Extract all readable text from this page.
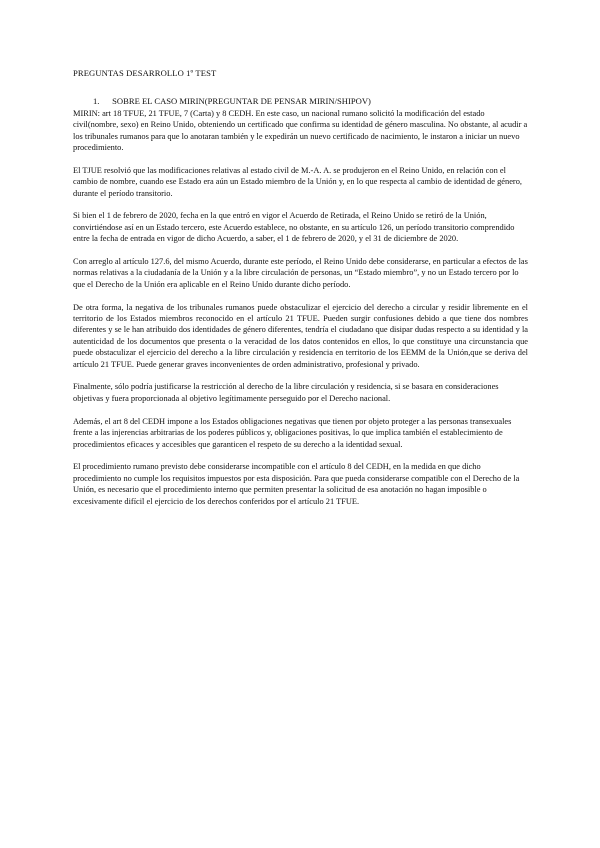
PREGUNTAS DESARROLLO 1º TEST
1. SOBRE EL CASO MIRIN(PREGUNTAR DE PENSAR MIRIN/SHIPOV)

MIRIN: art 18 TFUE, 21 TFUE, 7 (Carta) y 8 CEDH. En este caso, un nacional rumano solicitó la modificación del estado civil(nombre, sexo) en Reino Unido, obteniendo un certificado que confirma su identidad de género masculina. No obstante, al acudir a los tribunales rumanos para que lo anotaran también y le expedirán un nuevo certificado de nacimiento, le instaron a iniciar un nuevo procedimiento.

El TJUE resolvió que las modificaciones relativas al estado civil de M.-A. A. se produjeron en el Reino Unido, en relación con el cambio de nombre, cuando ese Estado era aún un Estado miembro de la Unión y, en lo que respecta al cambio de identidad de género, durante el período transitorio.

Si bien el 1 de febrero de 2020, fecha en la que entró en vigor el Acuerdo de Retirada, el Reino Unido se retiró de la Unión, convirtiéndose así en un Estado tercero, este Acuerdo establece, no obstante, en su artículo 126, un período transitorio comprendido entre la fecha de entrada en vigor de dicho Acuerdo, a saber, el 1 de febrero de 2020, y el 31 de diciembre de 2020.

Con arreglo al artículo 127.6, del mismo Acuerdo, durante este período, el Reino Unido debe considerarse, en particular a efectos de las normas relativas a la ciudadanía de la Unión y a la libre circulación de personas, un “Estado miembro”, y no un Estado tercero por lo que el Derecho de la Unión era aplicable en el Reino Unido durante dicho período.

De otra forma, la negativa de los tribunales rumanos puede obstaculizar el ejercicio del derecho a circular y residir libremente en el territorio de los Estados miembros reconocido en el artículo 21 TFUE. Pueden surgir confusiones debido a que tiene dos nombres diferentes y se le han atribuido dos identidades de género diferentes, tendría el ciudadano que disipar dudas respecto a su identidad y la autenticidad de los documentos que presenta o la veracidad de los datos contenidos en ellos, lo que constituye una circunstancia que puede obstaculizar el ejercicio del derecho a la libre circulación y residencia en territorio de los EEMM de la Unión,que se deriva del artículo 21 TFUE. Puede generar graves inconvenientes de orden administrativo, profesional y privado.

Finalmente, sólo podría justificarse la restricción al derecho de la libre circulación y residencia, si se basara en consideraciones objetivas y fuera proporcionada al objetivo legítimamente perseguido por el Derecho nacional.

Además, el art 8 del CEDH impone a los Estados obligaciones negativas que tienen por objeto proteger a las personas transexuales frente a las injerencias arbitrarias de los poderes públicos y, obligaciones positivas, lo que implica también el establecimiento de procedimientos eficaces y accesibles que garanticen el respeto de su derecho a la identidad sexual.

El procedimiento rumano previsto debe considerarse incompatible con el artículo 8 del CEDH, en la medida en que dicho procedimiento no cumple los requisitos impuestos por esta disposición. Para que pueda considerarse compatible con el Derecho de la Unión, es necesario que el procedimiento interno que permiten presentar la solicitud de esa anotación no hagan imposible o excesivamente difícil el ejercicio de los derechos conferidos por el artículo 21 TFUE.
